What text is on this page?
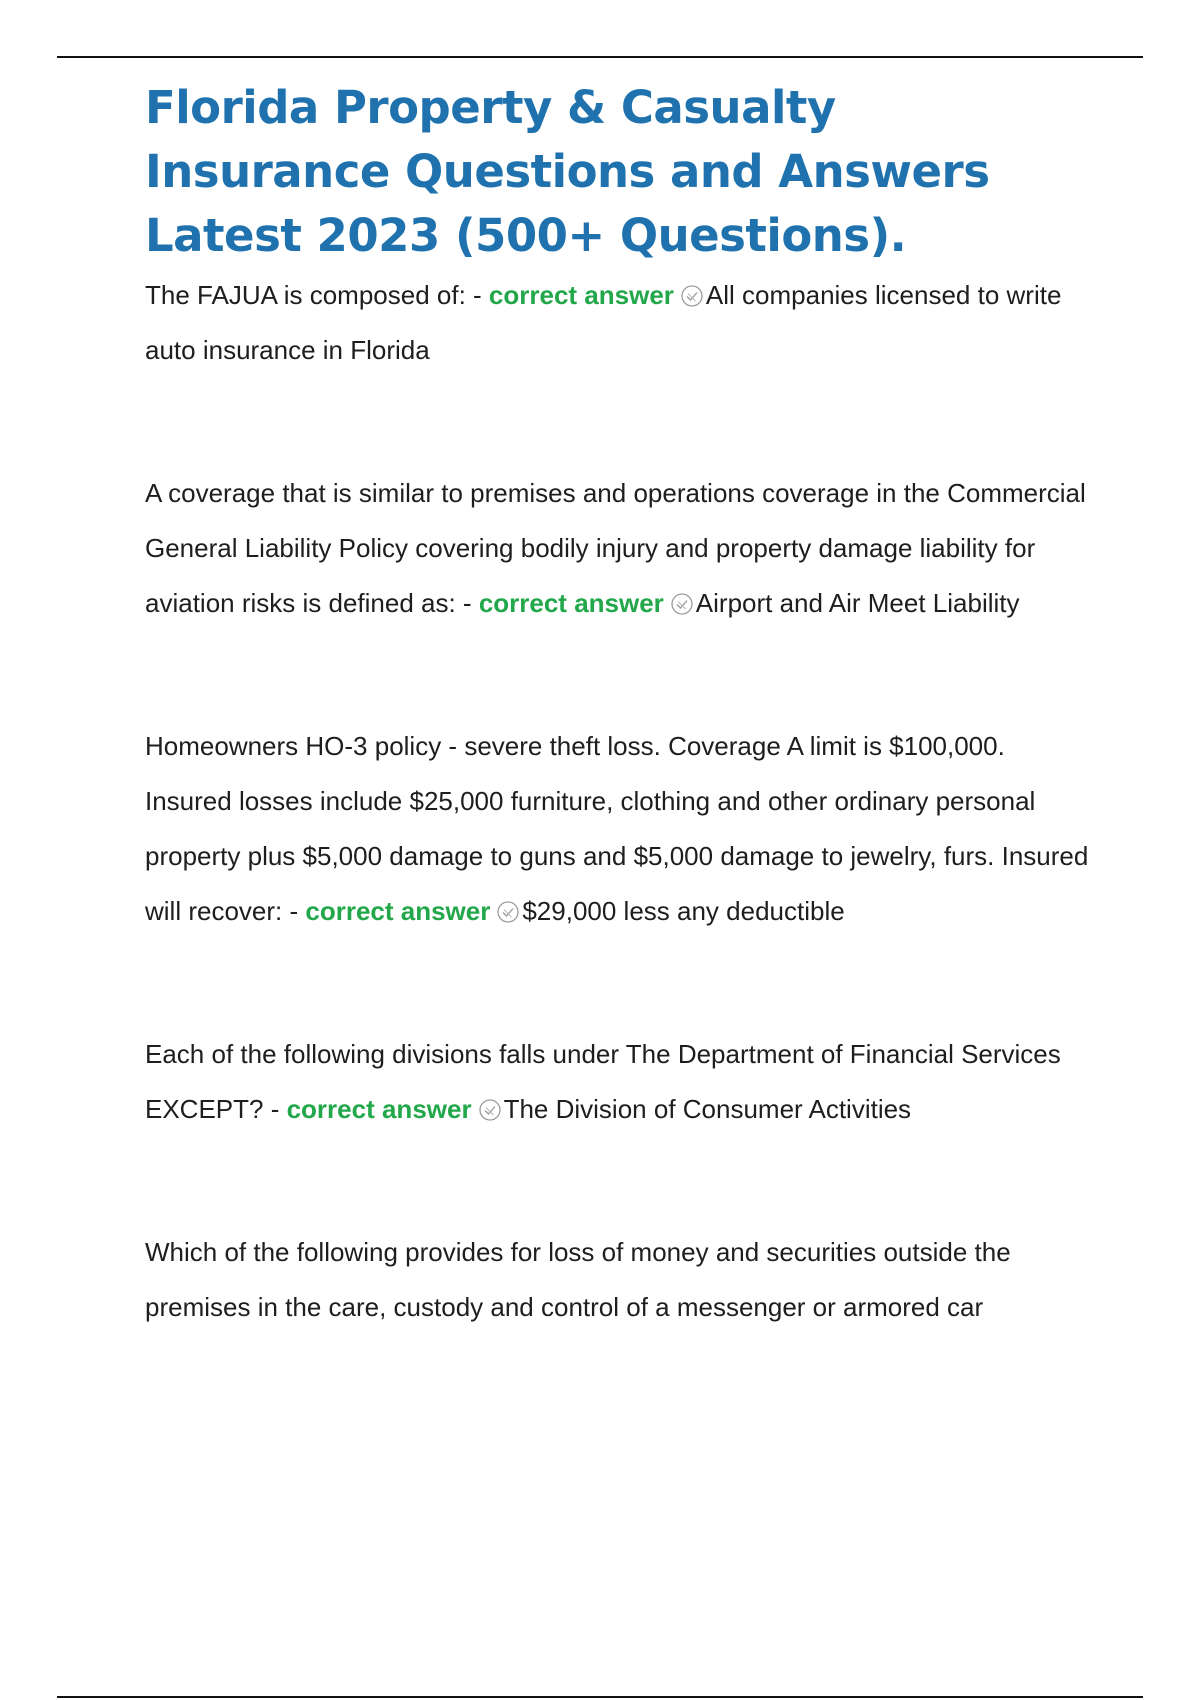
Florida Property & Casualty Insurance Questions and Answers Latest 2023 (500+ Questions).

The FAJUA is composed of: - correct answer All companies licensed to write auto insurance in Florida

A coverage that is similar to premises and operations coverage in the Commercial General Liability Policy covering bodily injury and property damage liability for aviation risks is defined as: - correct answer Airport and Air Meet Liability

Homeowners HO-3 policy - severe theft loss. Coverage A limit is $100,000. Insured losses include $25,000 furniture, clothing and other ordinary personal property plus $5,000 damage to guns and $5,000 damage to jewelry, furs. Insured will recover: - correct answer $29,000 less any deductible

Each of the following divisions falls under The Department of Financial Services EXCEPT? - correct answer The Division of Consumer Activities

Which of the following provides for loss of money and securities outside the premises in the care, custody and control of a messenger or armored car
